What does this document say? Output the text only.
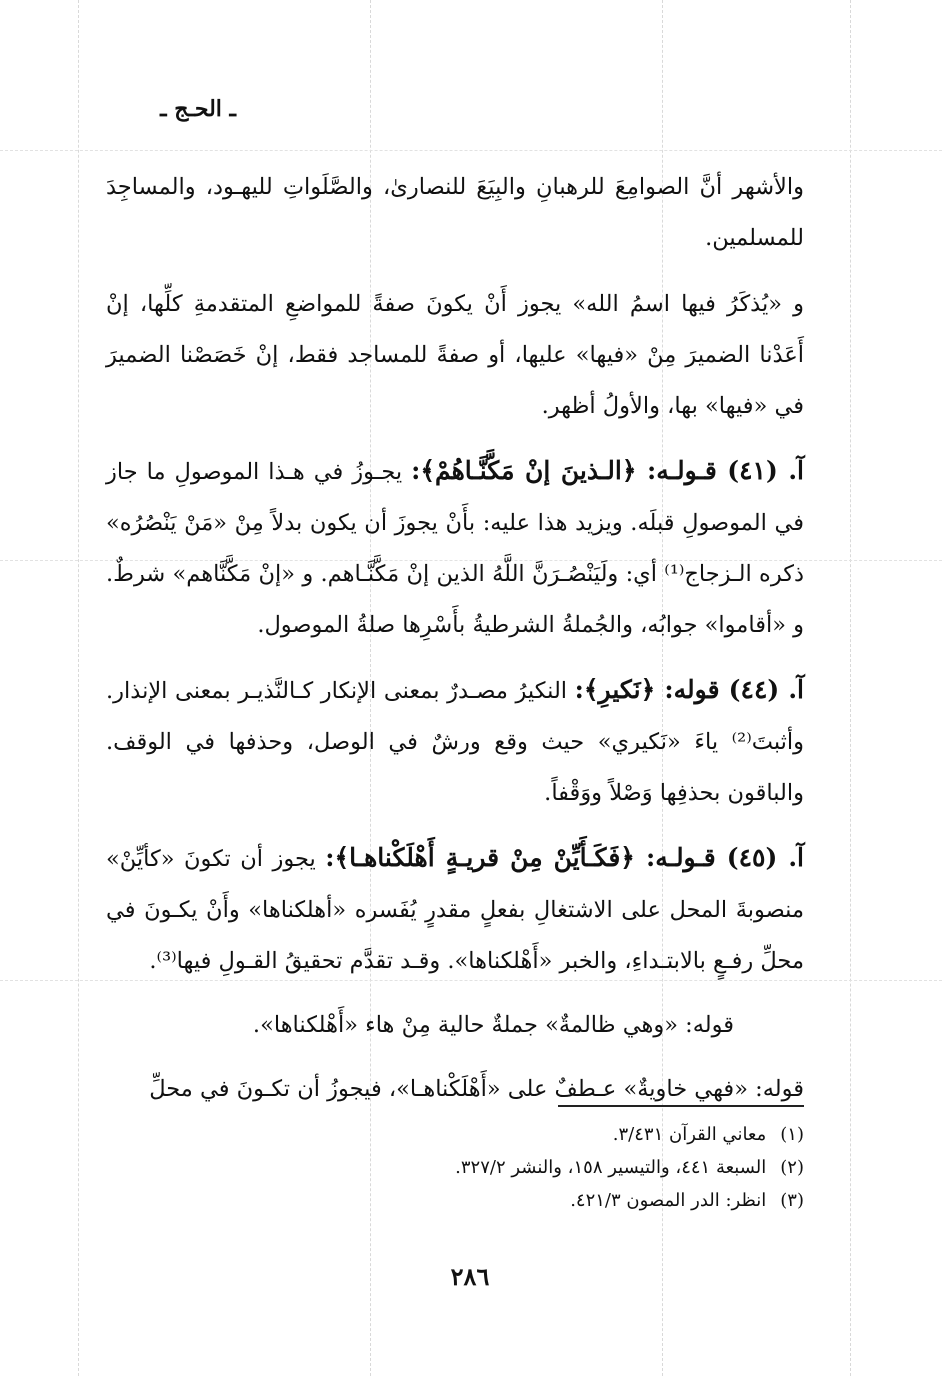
ـ الحـج ـ

والأشهر أنَّ الصوامِعَ للرهبانِ والبِيَعَ للنصارىٰ، والصَّلَواتِ لليهـود، والمساجِدَ للمسلمين.

و «يُذكَرُ فيها اسمُ الله» يجوز أَنْ يكونَ صفةً للمواضعِ المتقدمةِ كلِّها، إنْ أَعَدْنا الضميرَ مِنْ «فيها» عليها، أو صفةً للمساجد فقط، إنْ خَصَصْنا الضميرَ في «فيها» بها، والأولُ أظهر.

آ. (٤١) قـولـه: ﴿الـذينَ إنْ مَكَّنَّـاهُمْ﴾: يجـوزُ في هـذا الموصولِ ما جاز في الموصولِ قبلَه. ويزيد هذا عليه: بأَنْ يجوزَ أن يكون بدلاً مِنْ «مَنْ يَنْصُرُه» ذكره الـزجاج⁽¹⁾ أي: ولَيَنْصُـرَنَّ اللَّهُ الذين إنْ مَكَّنَّـاهم. و «إنْ مَكَّنَّاهم» شرطٌ. و «أقاموا» جوابُه، والجُملةُ الشرطيةُ بأَسْرِها صلةُ الموصول.

آ. (٤٤) قوله: ﴿نَكيرِ﴾: النكيرُ مصـدرٌ بمعنى الإنكار كـالنَّذيـر بمعنى الإنذار. وأثبتَ⁽²⁾ ياءَ «نَكيري» حيث وقع ورشٌ في الوصل، وحذفها في الوقف. والباقون بحذفِها وَصْلاً ووَقْفاً.

آ. (٤٥) قـولـه: ﴿فَكَـأَيِّنْ مِنْ قريـةٍ أَهْلَكْناهـا﴾: يجوز أن تكونَ «كأيِّنْ» منصوبةَ المحل على الاشتغالِ بفعلٍ مقدرٍ يُفَسره «أهلكناها» وأَنْ يكـونَ في محلِّ رفـعٍ بالابتـداءِ، والخبر «أَهْلكناها». وقـد تقدَّم تحقيقُ القـولِ فيها⁽³⁾.

قوله: «وهي ظالمةٌ» جملةٌ حالية مِنْ هاء «أَهْلكناها».

قوله: «فهي خاويةٌ» عـطفٌ على «أَهْلَكْناهـا»، فيجوزُ أن تكـونَ في محلِّ

(١)معاني القرآن ٣/٤٣١.
(٢)السبعة ٤٤١، والتيسير ١٥٨، والنشر ٣٢٧/٢.
(٣)انظر: الدر المصون ٤٢١/٣.
٢٨٦
